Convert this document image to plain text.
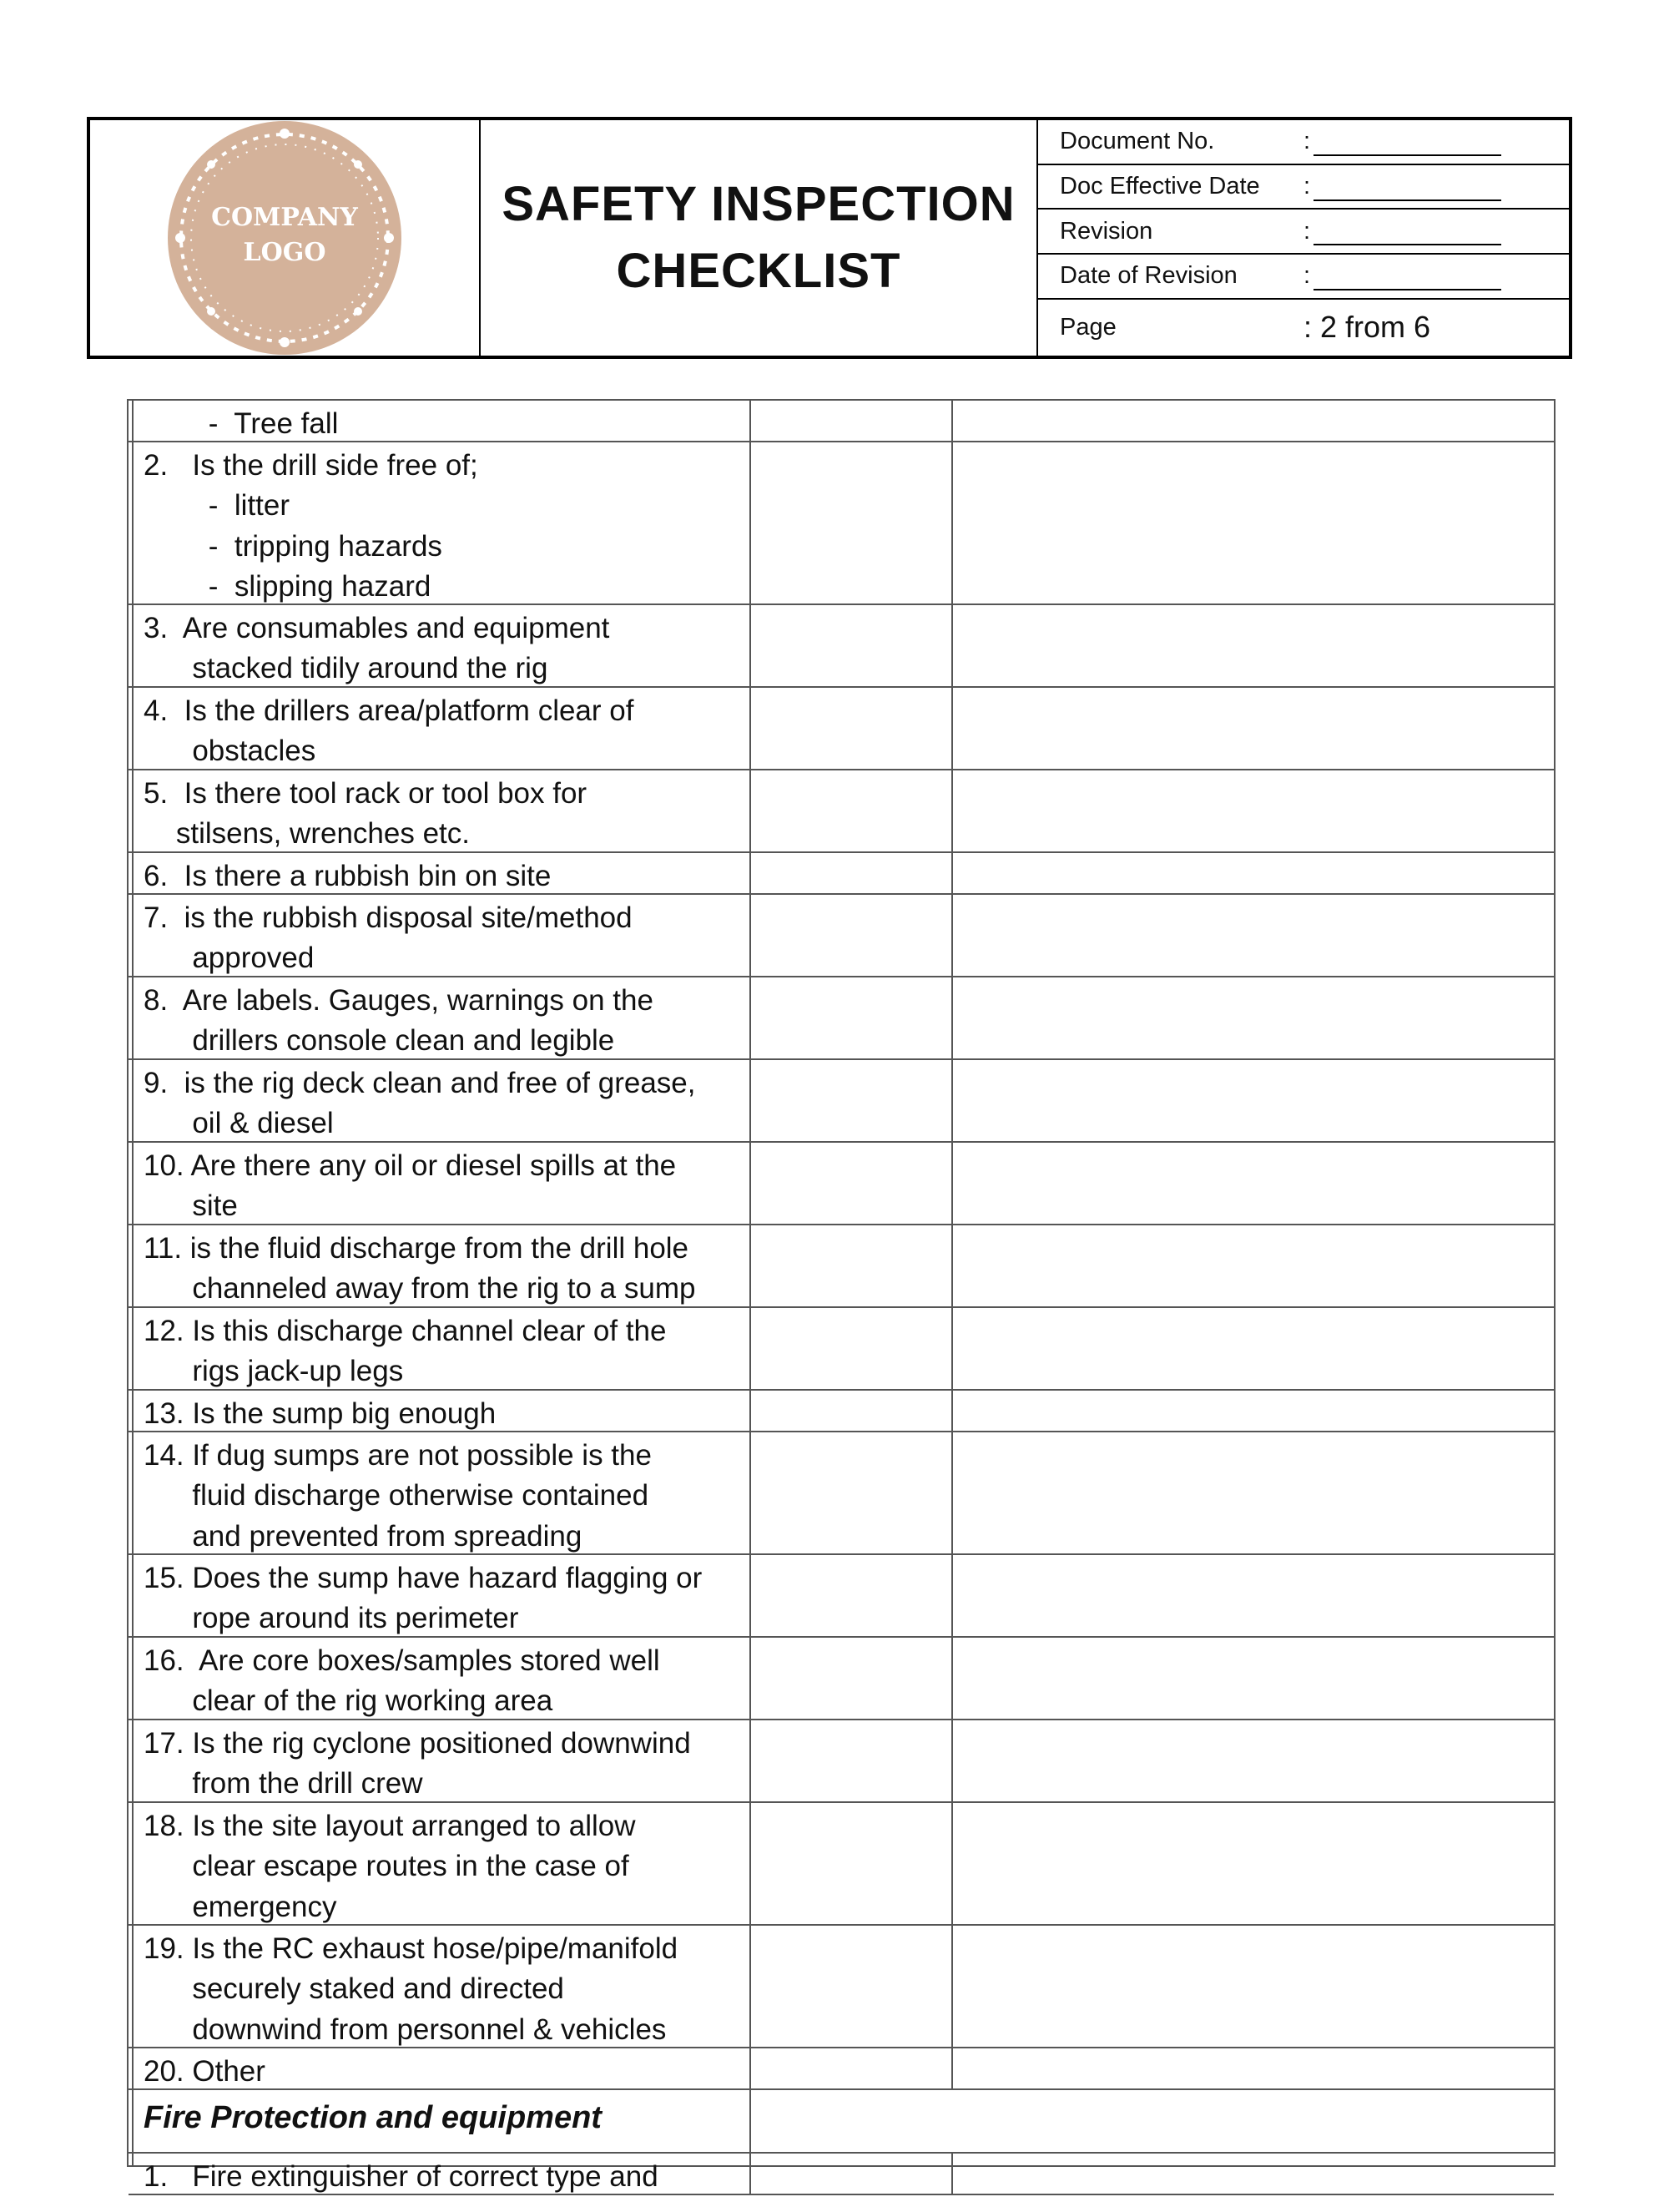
COMPANY
LOGO
SAFETY INSPECTION
CHECKLIST
Document No.	:
Doc Effective Date	:
Revision	:
Date of Revision	:
Page	: 2 from 6
-  Tree fall
2.   Is the drill side free of;
-  litter
-  tripping hazards
-  slipping hazard
3.  Are consumables and equipment
stacked tidily around the rig
4.  Is the drillers area/platform clear of
obstacles
5.  Is there tool rack or tool box for
stilsens, wrenches etc.
6.  Is there a rubbish bin on site
7.  is the rubbish disposal site/method
approved
8.  Are labels. Gauges, warnings on the
drillers console clean and legible
9.  is the rig deck clean and free of grease,
oil & diesel
10. Are there any oil or diesel spills at the
site
11. is the fluid discharge from the drill hole
channeled away from the rig to a sump
12. Is this discharge channel clear of the
rigs jack-up legs
13. Is the sump big enough
14. If dug sumps are not possible is the
fluid discharge otherwise contained
and prevented from spreading
15. Does the sump have hazard flagging or
rope around its perimeter
16.  Are core boxes/samples stored well
clear of the rig working area
17. Is the rig cyclone positioned downwind
from the drill crew
18. Is the site layout arranged to allow
clear escape routes in the case of
emergency
19. Is the RC exhaust hose/pipe/manifold
securely staked and directed
downwind from personnel & vehicles
20. Other
Fire Protection and equipment
1.   Fire extinguisher of correct type and
